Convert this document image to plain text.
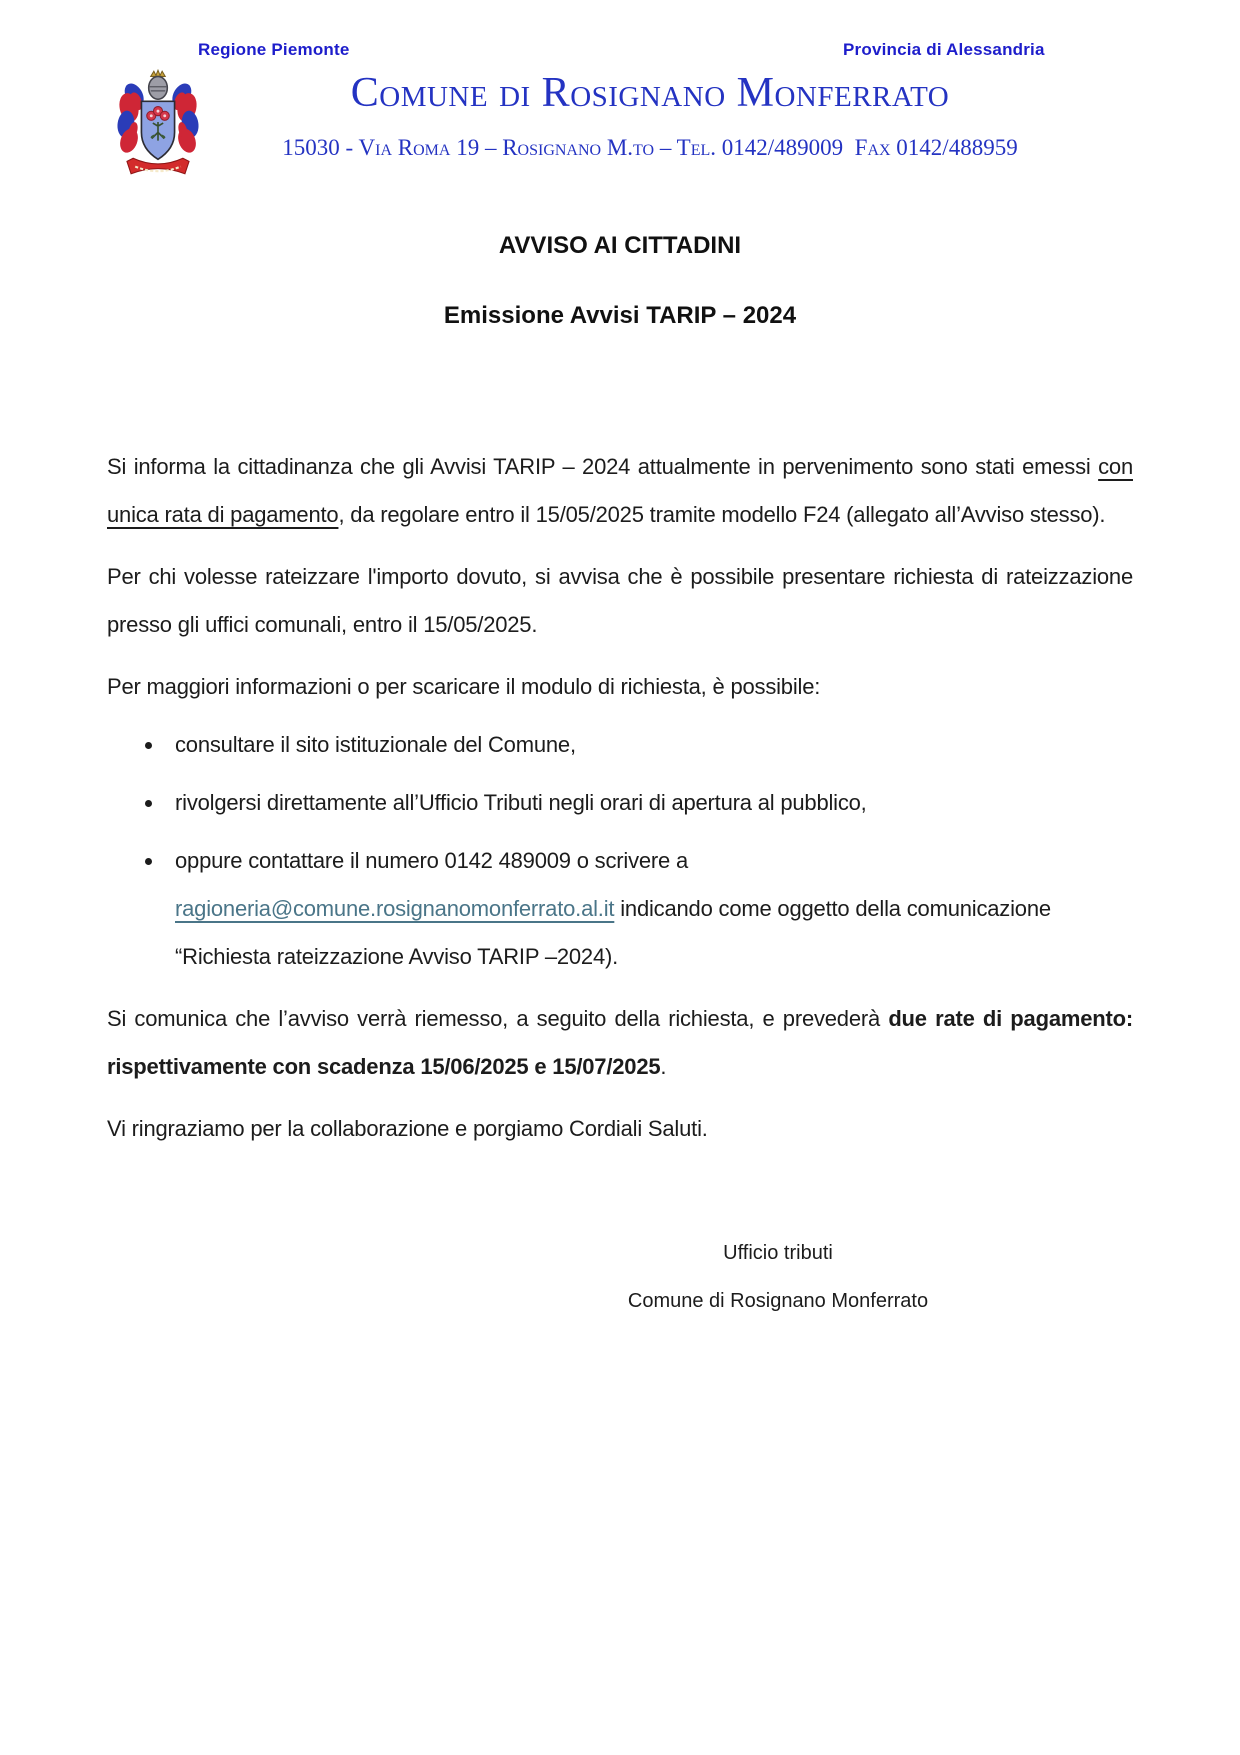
Regione Piemonte	Provincia di Alessandria
Comune di Rosignano Monferrato
15030 - Via Roma 19 – Rosignano M.to – Tel. 0142/489009  Fax 0142/488959
AVVISO AI CITTADINI
Emissione Avvisi TARIP – 2024

Si informa la cittadinanza che gli Avvisi TARIP – 2024 attualmente in pervenimento sono stati emessi con unica rata di pagamento, da regolare entro il 15/05/2025 tramite modello F24 (allegato all’Avviso stesso).

Per chi volesse rateizzare l'importo dovuto, si avvisa che è possibile presentare richiesta di rateizzazione presso gli uffici comunali, entro il 15/05/2025.

Per maggiori informazioni o per scaricare il modulo di richiesta, è possibile:

consultare il sito istituzionale del Comune,
rivolgersi direttamente all’Ufficio Tributi negli orari di apertura al pubblico,
oppure contattare il numero 0142 489009 o scrivere a ragioneria@comune.rosignanomonferrato.al.it indicando come oggetto della comunicazione “Richiesta rateizzazione Avviso TARIP –2024).

Si comunica che l’avviso verrà riemesso, a seguito della richiesta, e prevederà due rate di pagamento: rispettivamente con scadenza 15/06/2025 e 15/07/2025.

Vi ringraziamo per la collaborazione e porgiamo Cordiali Saluti.

Ufficio tributi
Comune di Rosignano Monferrato
